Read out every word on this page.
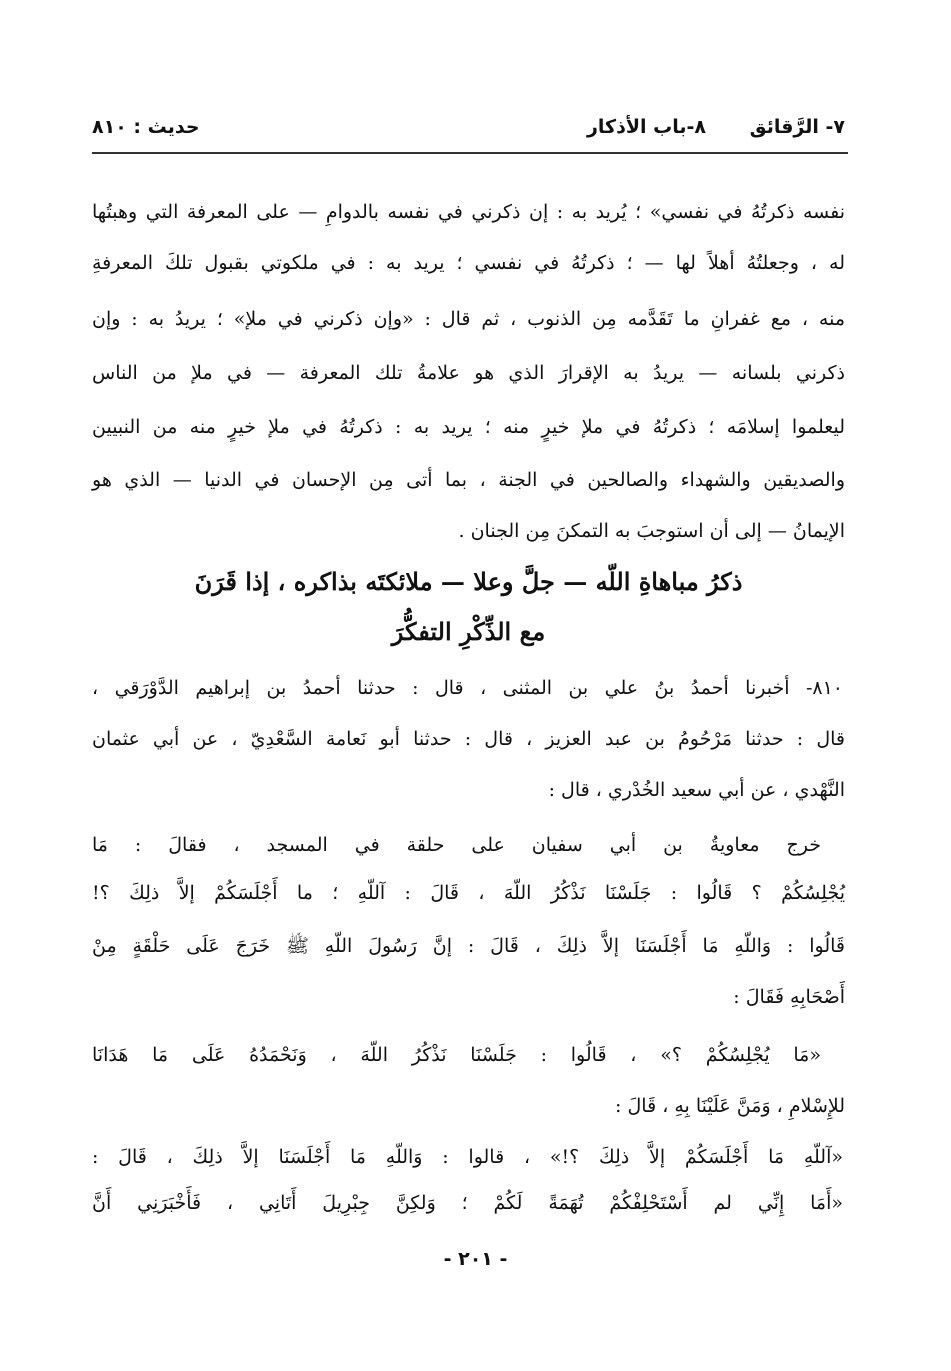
٧- الرَّقائق
٨-باب الأذكار
حديث : ٨١٠
نفسه ذكرتُهُ في نفسي» ؛ يُريد به : إن ذكرني في نفسه بالدوامِ — على المعرفة التي وهبتُها
له ، وجعلتُهُ أهلاً لها — ؛ ذكرتُهُ في نفسي ؛ يريد به : في ملكوتي بقبول تلكَ المعرفةِ
منه ، مع غفرانِ ما تَقَدَّمه مِن الذنوب ، ثم قال : «وإن ذكرني في ملإ» ؛ يريدُ به : وإن
ذكرني بلسانه — يريدُ به الإقرارَ الذي هو علامةُ تلك المعرفة — في ملإ من الناس
ليعلموا إسلامَه ؛ ذكرتُهُ في ملإ خيرٍ منه ؛ يريد به : ذكرتُهُ في ملإ خيرٍ منه من النبيين
والصديقين والشهداء والصالحين في الجنة ، بما أتى مِن الإحسان في الدنيا — الذي هو
الإيمانُ — إلى أن استوجبَ به التمكنَ مِن الجنان .
ذكرُ مباهاةِ اللّه — جلَّ وعلا — ملائكتَه بذاكره ، إذا قَرَنَ
مع الذِّكْرِ التفكُّرَ
٨١٠- أخبرنا أحمدُ بنُ علي بن المثنى ، قال : حدثنا أحمدُ بن إبراهيم الدَّوْرَقي ،
قال : حدثنا مَرْحُومُ بن عبد العزيز ، قال : حدثنا أبو نَعامة السَّعْدِيّ ، عن أبي عثمان
النَّهْدي ، عن أبي سعيد الخُدْري ، قال :
خرج معاويةُ بن أبي سفيان على حلقة في المسجد ، فقالَ : مَا
يُجْلِسُكُمْ ؟ قَالُوا : جَلَسْنَا نَذْكُرُ اللّهَ ، قَالَ : آللّهِ ؛ ما أَجْلَسَكُمْ إلاَّ ذلِكَ ؟!
قَالُوا : وَاللّهِ مَا أَجْلَسَنَا إلاَّ ذلِكَ ، قَالَ : إنَّ رَسُولَ اللّهِ ﷺ خَرَجَ عَلَى حَلْقَةٍ مِنْ
أَصْحَابِهِ فَقَالَ :
«مَا يُجْلِسُكُمْ ؟» ، قَالُوا : جَلَسْنَا نَذْكُرُ اللّهَ ، وَنَحْمَدُهُ عَلَى مَا هَدَانَا
للإِسْلامِ ، وَمَنَّ عَلَيْنَا بِهِ ، قَالَ :
«آللّهِ مَا أَجْلَسَكُمْ إلاَّ ذلِكَ ؟!» ، قالوا : وَاللّهِ مَا أَجْلَسَنَا إلاَّ ذلِكَ ، قَالَ :
«أَمَا إِنِّي لم أَسْتَحْلِفْكُمْ تُهَمَةً لَكُمْ ؛ وَلكِنَّ جِبْرِيلَ أَتَانِي ، فَأَخْبَرَنِي أَنَّ
- ٢٠١ -
